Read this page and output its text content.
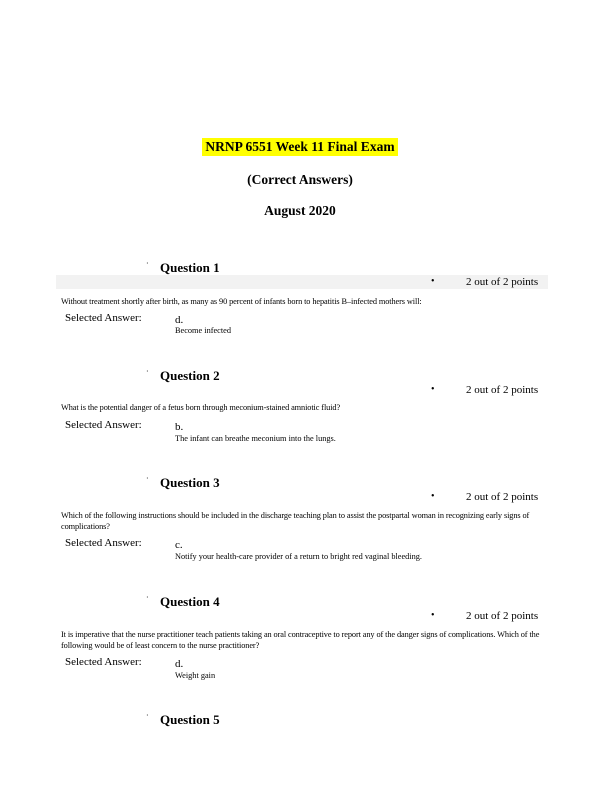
NRNP 6551 Week 11 Final Exam
(Correct Answers)
August 2020
· Question 1
•	2 out of 2 points
Without treatment shortly after birth, as many as 90 percent of infants born to hepatitis B–infected mothers will:
Selected Answer:	d.
Become infected
· Question 2
•	2 out of 2 points
What is the potential danger of a fetus born through meconium-stained amniotic fluid?
Selected Answer:	b.
The infant can breathe meconium into the lungs.
· Question 3
•	2 out of 2 points
Which of the following instructions should be included in the discharge teaching plan to assist the postpartal woman in recognizing early signs of complications?
Selected Answer:	c.
Notify your health-care provider of a return to bright red vaginal bleeding.
· Question 4
•	2 out of 2 points
It is imperative that the nurse practitioner teach patients taking an oral contraceptive to report any of the danger signs of complications. Which of the following would be of least concern to the nurse practitioner?
Selected Answer:	d.
Weight gain
· Question 5
